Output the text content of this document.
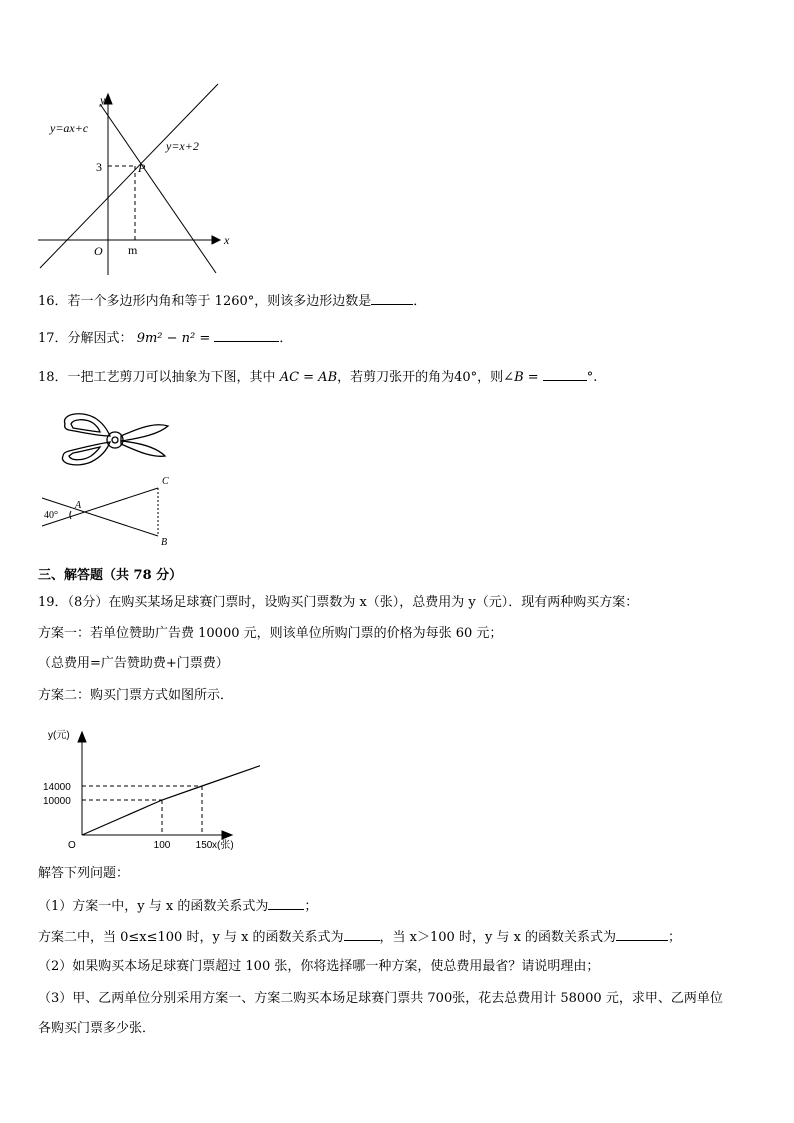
y
x
O
y=ax+c
y=x+2
P
3
m
16．若一个多边形内角和等于 1260°，则该多边形边数是	．
17．分解因式： 9m² − n² =	．
18．一把工艺剪刀可以抽象为下图，其中 AC = AB，若剪刀张开的角为40°，则∠B =	°.
A
C
B
40°
三、解答题（共 78 分）
19．（8分）在购买某场足球赛门票时，设购买门票数为 x（张），总费用为 y（元）．现有两种购买方案：
方案一：若单位赞助广告费 10000 元，则该单位所购门票的价格为每张 60 元；
（总费用=广告赞助费+门票费）
方案二：购买门票方式如图所示．
y(元)
x(张)
O
10000
14000
100	150
解答下列问题：
（1）方案一中，y 与 x 的函数关系式为	；
方案二中，当 0≤x≤100 时，y 与 x 的函数关系式为	，当 x＞100 时，y 与 x 的函数关系式为	；
（2）如果购买本场足球赛门票超过 100 张，你将选择哪一种方案，使总费用最省？请说明理由；
（3）甲、乙两单位分别采用方案一、方案二购买本场足球赛门票共 700张，花去总费用计 58000 元，求甲、乙两单位
各购买门票多少张．
